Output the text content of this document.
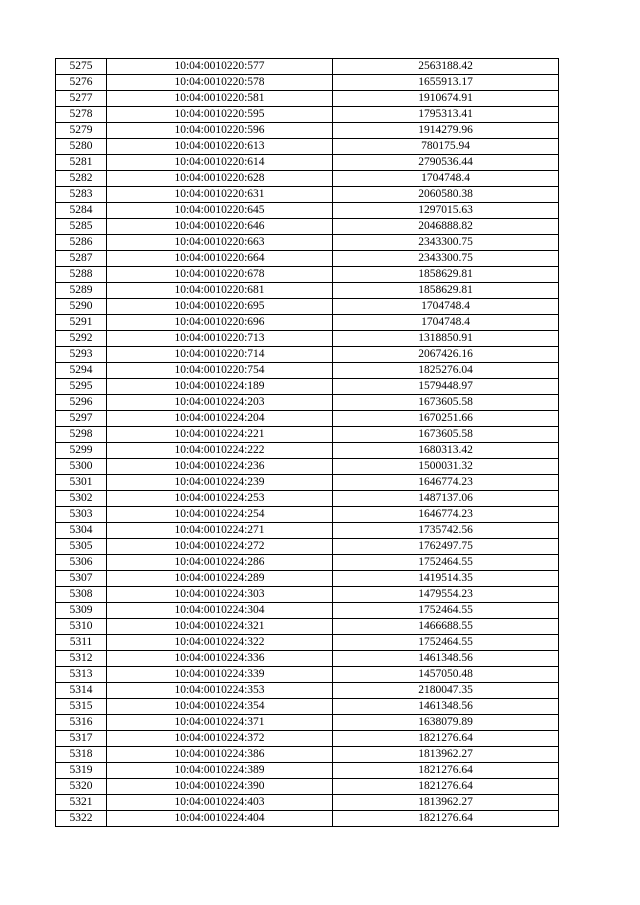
5275	10:04:0010220:577	2563188.42
5276	10:04:0010220:578	1655913.17
5277	10:04:0010220:581	1910674.91
5278	10:04:0010220:595	1795313.41
5279	10:04:0010220:596	1914279.96
5280	10:04:0010220:613	780175.94
5281	10:04:0010220:614	2790536.44
5282	10:04:0010220:628	1704748.4
5283	10:04:0010220:631	2060580.38
5284	10:04:0010220:645	1297015.63
5285	10:04:0010220:646	2046888.82
5286	10:04:0010220:663	2343300.75
5287	10:04:0010220:664	2343300.75
5288	10:04:0010220:678	1858629.81
5289	10:04:0010220:681	1858629.81
5290	10:04:0010220:695	1704748.4
5291	10:04:0010220:696	1704748.4
5292	10:04:0010220:713	1318850.91
5293	10:04:0010220:714	2067426.16
5294	10:04:0010220:754	1825276.04
5295	10:04:0010224:189	1579448.97
5296	10:04:0010224:203	1673605.58
5297	10:04:0010224:204	1670251.66
5298	10:04:0010224:221	1673605.58
5299	10:04:0010224:222	1680313.42
5300	10:04:0010224:236	1500031.32
5301	10:04:0010224:239	1646774.23
5302	10:04:0010224:253	1487137.06
5303	10:04:0010224:254	1646774.23
5304	10:04:0010224:271	1735742.56
5305	10:04:0010224:272	1762497.75
5306	10:04:0010224:286	1752464.55
5307	10:04:0010224:289	1419514.35
5308	10:04:0010224:303	1479554.23
5309	10:04:0010224:304	1752464.55
5310	10:04:0010224:321	1466688.55
5311	10:04:0010224:322	1752464.55
5312	10:04:0010224:336	1461348.56
5313	10:04:0010224:339	1457050.48
5314	10:04:0010224:353	2180047.35
5315	10:04:0010224:354	1461348.56
5316	10:04:0010224:371	1638079.89
5317	10:04:0010224:372	1821276.64
5318	10:04:0010224:386	1813962.27
5319	10:04:0010224:389	1821276.64
5320	10:04:0010224:390	1821276.64
5321	10:04:0010224:403	1813962.27
5322	10:04:0010224:404	1821276.64
